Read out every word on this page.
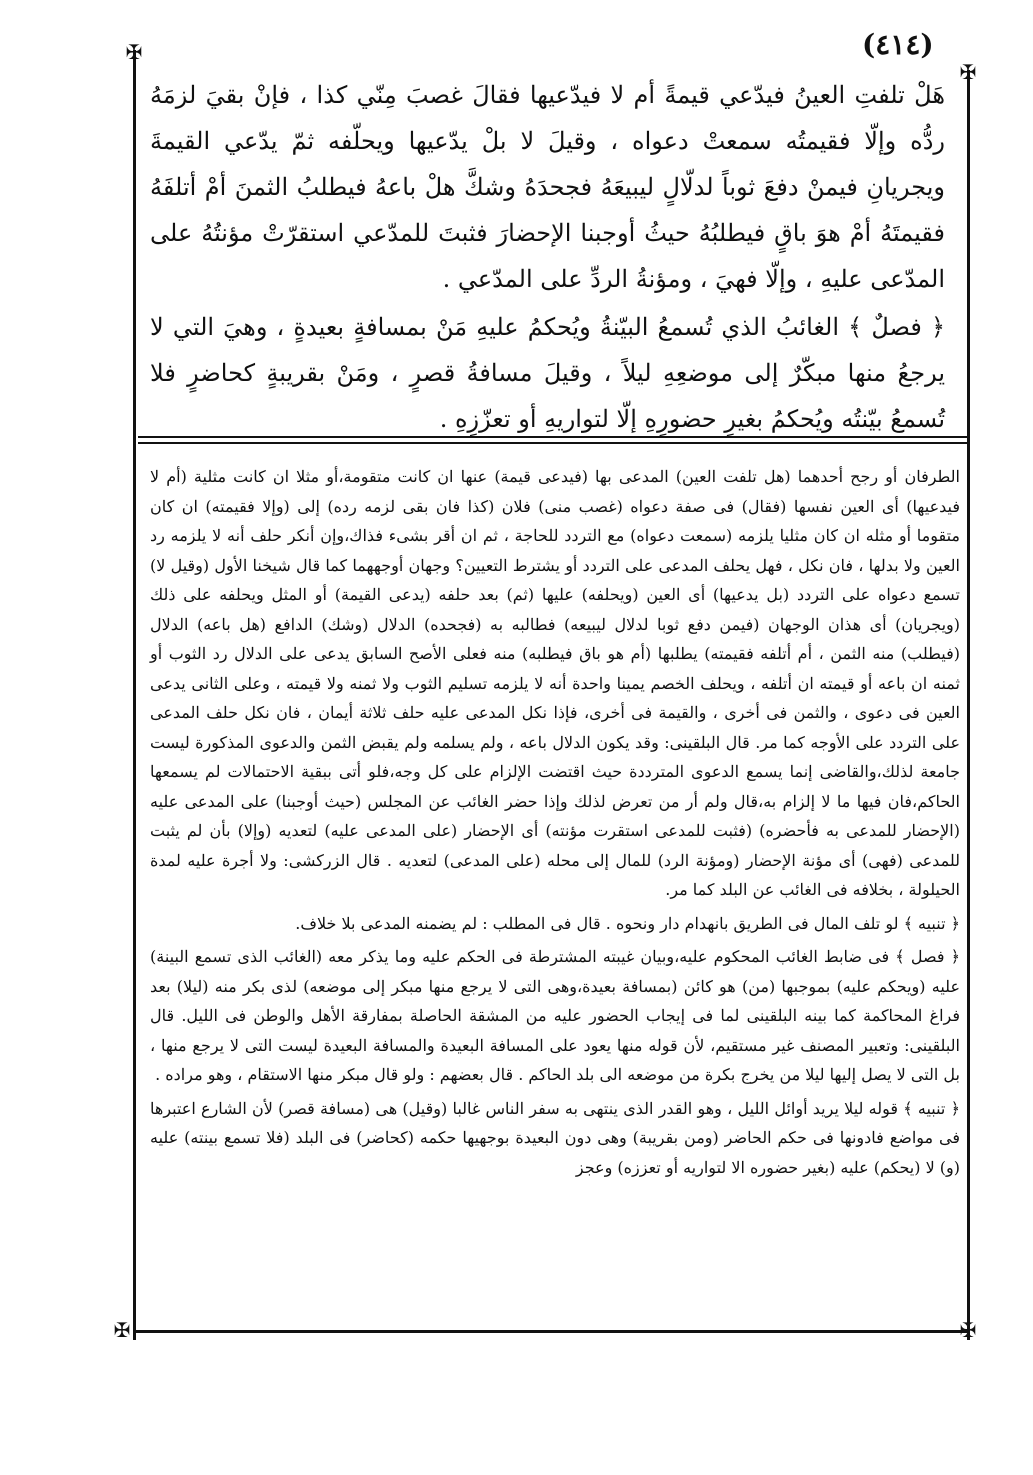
✠
✠
✠	✠
(٤١٤)

هَلْ تلفتِ العينُ فيدّعي قيمةً أم لا فيدّعيها فقالَ غصبَ مِنّي كذا ، فإنْ بقيَ لزمَهُ ردُّه وإلّا فقيمتُه سمعتْ دعواه ، وقيلَ لا بلْ يدّعيها ويحلّفه ثمّ يدّعي القيمةَ ويجريانِ فيمنْ دفعَ ثوباً لدلّالٍ ليبيعَهُ فجحدَهُ وشكَّ هلْ باعهُ فيطلبُ الثمنَ أمْ أتلفَهُ فقيمتَهُ أمْ هوَ باقٍ فيطلبُهُ حيثُ أوجبنا الإحضارَ فثبتَ للمدّعي استقرّتْ مؤنتُهُ على المدّعى عليهِ ، وإلّا فهيَ ، ومؤنةُ الردِّ على المدّعي .

﴿ فصلٌ ﴾ الغائبُ الذي تُسمعُ البيّنةُ ويُحكمُ عليهِ مَنْ بمسافةٍ بعيدةٍ ، وهيَ التي لا يرجعُ منها مبكّرٌ إلى موضعِهِ ليلاً ، وقيلَ مسافةُ قصرٍ ، ومَنْ بقريبةٍ كحاضرٍ فلا تُسمعُ بيّنتُه ويُحكمُ بغيرِ حضورِهِ إلّا لتواريهِ أو تعزّزِهِ .

الطرفان أو رجح أحدهما (هل تلفت العين) المدعى بها (فيدعى قيمة) عنها ان كانت متقومة،أو مثلا ان كانت مثلية (أم لا فيدعيها) أى العين نفسها (فقال) فى صفة دعواه (غصب منى) فلان (كذا فان بقى لزمه رده) إلى (وإلا فقيمته) ان كان متقوما أو مثله ان كان مثليا يلزمه (سمعت دعواه) مع التردد للحاجة ، ثم ان أقر بشىء فذاك،وإن أنكر حلف أنه لا يلزمه رد العين ولا بدلها ، فان نكل ، فهل يحلف المدعى على التردد أو يشترط التعيين؟ وجهان أوجههما كما قال شيخنا الأول (وقيل لا) تسمع دعواه على التردد (بل يدعيها) أى العين (ويحلفه) عليها (ثم) بعد حلفه (يدعى القيمة) أو المثل ويحلفه على ذلك (ويجريان) أى هذان الوجهان (فيمن دفع ثوبا لدلال ليبيعه) فطالبه به (فجحده) الدلال (وشك) الدافع (هل باعه) الدلال (فيطلب) منه الثمن ، أم أتلفه فقيمته) يطلبها (أم هو باق فيطلبه) منه فعلى الأصح السابق يدعى على الدلال رد الثوب أو ثمنه ان باعه أو قيمته ان أتلفه ، ويحلف الخصم يمينا واحدة أنه لا يلزمه تسليم الثوب ولا ثمنه ولا قيمته ، وعلى الثانى يدعى العين فى دعوى ، والثمن فى أخرى ، والقيمة فى أخرى، فإذا نكل المدعى عليه حلف ثلاثة أيمان ، فان نكل حلف المدعى على التردد على الأوجه كما مر. قال البلقينى: وقد يكون الدلال باعه ، ولم يسلمه ولم يقبض الثمن والدعوى المذكورة ليست جامعة لذلك،والقاضى إنما يسمع الدعوى المترددة حيث اقتضت الإلزام على كل وجه،فلو أتى ببقية الاحتمالات لم يسمعها الحاكم،فان فيها ما لا إلزام به،قال ولم أر من تعرض لذلك وإذا حضر الغائب عن المجلس (حيث أوجبنا) على المدعى عليه (الإحضار للمدعى به فأحضره) (فثبت للمدعى استقرت مؤنته) أى الإحضار (على المدعى عليه) لتعديه (وإلا) بأن لم يثبت للمدعى (فهى) أى مؤنة الإحضار (ومؤنة الرد) للمال إلى محله (على المدعى) لتعديه . قال الزركشى: ولا أجرة عليه لمدة الحيلولة ، بخلافه فى الغائب عن البلد كما مر.

﴿ تنبيه ﴾ لو تلف المال فى الطريق بانهدام دار ونحوه . قال فى المطلب : لم يضمنه المدعى بلا خلاف.

﴿ فصل ﴾ فى ضابط الغائب المحكوم عليه،وبيان غيبته المشترطة فى الحكم عليه وما يذكر معه (الغائب الذى تسمع البينة) عليه (ويحكم عليه) بموجبها (من) هو كائن (بمسافة بعيدة،وهى التى لا يرجع منها مبكر إلى موضعه) لذى بكر منه (ليلا) بعد فراغ المحاكمة كما بينه البلقينى لما فى إيجاب الحضور عليه من المشقة الحاصلة بمفارقة الأهل والوطن فى الليل. قال البلقينى: وتعبير المصنف غير مستقيم، لأن قوله منها يعود على المسافة البعيدة والمسافة البعيدة ليست التى لا يرجع منها ، بل التى لا يصل إليها ليلا من يخرج بكرة من موضعه الى بلد الحاكم . قال بعضهم : ولو قال مبكر منها الاستقام ، وهو مراده .

﴿ تنبيه ﴾ قوله ليلا يريد أوائل الليل ، وهو القدر الذى ينتهى به سفر الناس غالبا (وقيل) هى (مسافة قصر) لأن الشارع اعتبرها فى مواضع فادونها فى حكم الحاضر (ومن بقريبة) وهى دون البعيدة بوجهيها حكمه (كحاضر) فى البلد (فلا تسمع بينته) عليه (و) لا (يحكم) عليه (بغير حضوره الا لتواريه أو تعززه) وعجز
